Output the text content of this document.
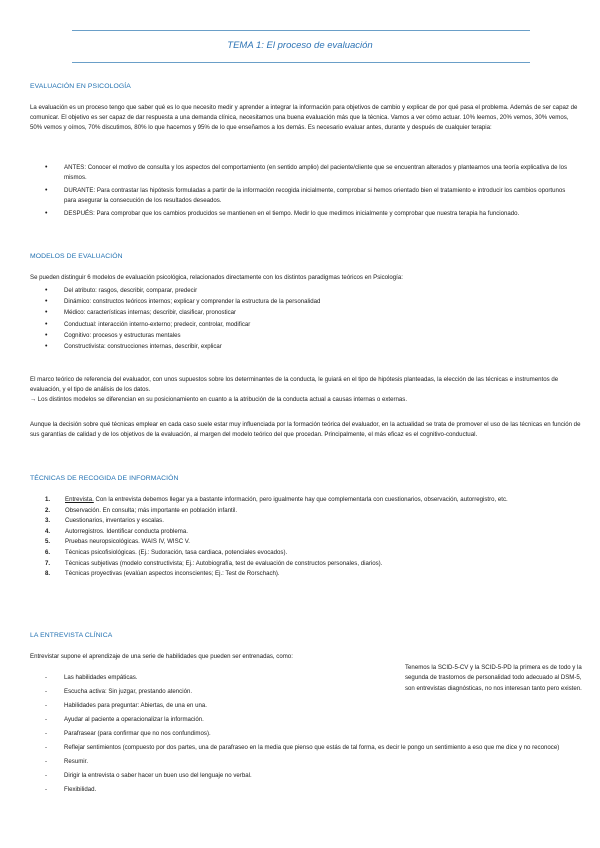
TEMA 1: El proceso de evaluación
EVALUACIÓN EN PSICOLOGÍA
La evaluación es un proceso tengo que saber qué es lo que necesito medir y aprender a integrar la información para objetivos de cambio y explicar de por qué pasa el problema. Además de ser capaz de comunicar. El objetivo es ser capaz de dar respuesta a una demanda clínica, necesitamos una buena evaluación más que la técnica. Vamos a ver cómo actuar. 10% leemos, 20% vemos, 30% vemos, 50% vemos y oímos, 70% discutimos, 80% lo que hacemos y 95% de lo que enseñamos a los demás. Es necesario evaluar antes, durante y después de cualquier terapia:
• ANTES: Conocer el motivo de consulta y los aspectos del comportamiento (en sentido amplio) del paciente/cliente que se encuentran alterados y plantearnos una teoría explicativa de los mismos.
• DURANTE: Para contrastar las hipótesis formuladas a partir de la información recogida inicialmente, comprobar si hemos orientado bien el tratamiento e introducir los cambios oportunos para asegurar la consecución de los resultados deseados.
• DESPUÉS: Para comprobar que los cambios producidos se mantienen en el tiempo. Medir lo que medimos inicialmente y comprobar que nuestra terapia ha funcionado.
MODELOS DE EVALUACIÓN
Se pueden distinguir 6 modelos de evaluación psicológica, relacionados directamente con los distintos paradigmas teóricos en Psicología:
• Del atributo: rasgos, describir, comparar, predecir
• Dinámico: constructos teóricos internos; explicar y comprender la estructura de la personalidad
• Médico: características internas; describir, clasificar, pronosticar
• Conductual: interacción interno-externo; predecir, controlar, modificar
• Cognitivo: procesos y estructuras mentales
• Constructivista: construcciones internas, describir, explicar
El marco teórico de referencia del evaluador, con unos supuestos sobre los determinantes de la conducta, le guiará en el tipo de hipótesis planteadas, la elección de las técnicas e instrumentos de evaluación, y el tipo de análisis de los datos.
→ Los distintos modelos se diferencian en su posicionamiento en cuanto a la atribución de la conducta actual a causas internas o externas.
Aunque la decisión sobre qué técnicas emplear en cada caso suele estar muy influenciada por la formación teórica del evaluador, en la actualidad se trata de promover el uso de las técnicas en función de sus garantías de calidad y de los objetivos de la evaluación, al margen del modelo teórico del que procedan. Principalmente, el más eficaz es el cognitivo-conductual.
TÉCNICAS DE RECOGIDA DE INFORMACIÓN
1. Entrevista. Con la entrevista debemos llegar ya a bastante información, pero igualmente hay que complementarla con cuestionarios, observación, autorregistro, etc.
2. Observación. En consulta; más importante en población infantil.
3. Cuestionarios, inventarios y escalas.
4. Autorregistros. Identificar conducta problema.
5. Pruebas neuropsicológicas. WAIS IV, WISC V.
6. Técnicas psicofisiológicas. (Ej.: Sudoración, tasa cardiaca, potenciales evocados).
7. Técnicas subjetivas (modelo constructivista; Ej.: Autobiografía, test de evaluación de constructos personales, diarios).
8. Técnicas proyectivas (evalúan aspectos inconscientes; Ej.: Test de Rorschach).
LA ENTREVISTA CLÍNICA
Entrevistar supone el aprendizaje de una serie de habilidades que pueden ser entrenadas, como:
- Las habilidades empáticas.
- Escucha activa: Sin juzgar, prestando atención.
- Habilidades para preguntar: Abiertas, de una en una.
- Ayudar al paciente a operacionalizar la información.
- Parafrasear (para confirmar que no nos confundimos).
- Reflejar sentimientos (compuesto por dos partes, una de parafraseo en la media que pienso que estás de tal forma, es decir le pongo un sentimiento a eso que me dice y no reconoce)
- Resumir.
- Dirigir la entrevista o saber hacer un buen uso del lenguaje no verbal.
- Flexibilidad.
Tenemos la SCID-5-CV y la SCID-5-PD la primera es de todo y la segunda de trastornos de personalidad todo adecuado al DSM-5, son entrevistas diagnósticas, no nos interesan tanto pero existen.
